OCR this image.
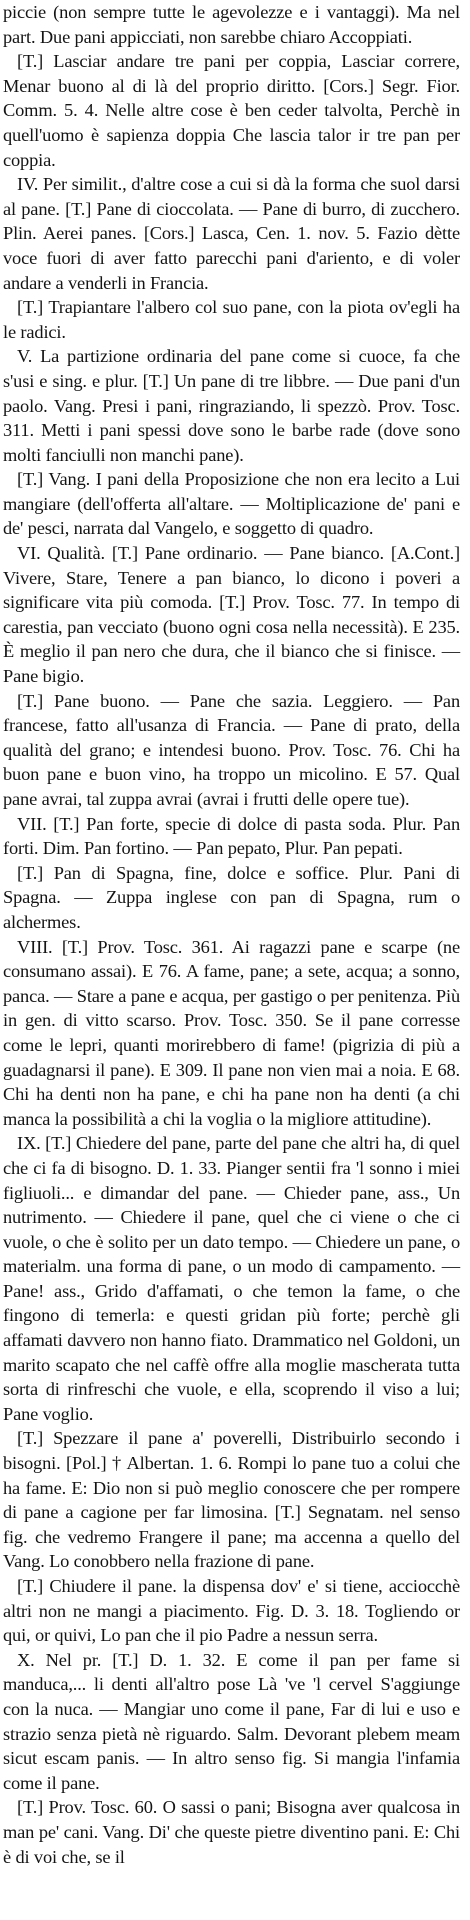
piccie (non sempre tutte le agevolezze e i vantaggi). Ma nel part. Due pani appicciati, non sarebbe chiaro Accoppiati.

[T.] Lasciar andare tre pani per coppia, Lasciar correre, Menar buono al di là del proprio diritto. [Cors.] Segr. Fior. Comm. 5. 4. Nelle altre cose è ben ceder talvolta, Perchè in quell'uomo è sapienza doppia Che lascia talor ir tre pan per coppia.

IV. Per similit., d'altre cose a cui si dà la forma che suol darsi al pane. [T.] Pane di cioccolata. — Pane di burro, di zucchero. Plin. Aerei panes. [Cors.] Lasca, Cen. 1. nov. 5. Fazio dètte voce fuori di aver fatto parecchi pani d'ariento, e di voler andare a venderli in Francia.

[T.] Trapiantare l'albero col suo pane, con la piota ov'egli ha le radici.

V. La partizione ordinaria del pane come si cuoce, fa che s'usi e sing. e plur. [T.] Un pane di tre libbre. — Due pani d'un paolo. Vang. Presi i pani, ringraziando, li spezzò. Prov. Tosc. 311. Metti i pani spessi dove sono le barbe rade (dove sono molti fanciulli non manchi pane).

[T.] Vang. I pani della Proposizione che non era lecito a Lui mangiare (dell'offerta all'altare. — Moltiplicazione de' pani e de' pesci, narrata dal Vangelo, e soggetto di quadro.

VI. Qualità. [T.] Pane ordinario. — Pane bianco. [A.Cont.] Vivere, Stare, Tenere a pan bianco, lo dicono i poveri a significare vita più comoda. [T.] Prov. Tosc. 77. In tempo di carestia, pan vecciato (buono ogni cosa nella necessità). E 235. È meglio il pan nero che dura, che il bianco che si finisce. — Pane bigio.

[T.] Pane buono. — Pane che sazia. Leggiero. — Pan francese, fatto all'usanza di Francia. — Pane di prato, della qualità del grano; e intendesi buono. Prov. Tosc. 76. Chi ha buon pane e buon vino, ha troppo un micolino. E 57. Qual pane avrai, tal zuppa avrai (avrai i frutti delle opere tue).

VII. [T.] Pan forte, specie di dolce di pasta soda. Plur. Pan forti. Dim. Pan fortino. — Pan pepato, Plur. Pan pepati.

[T.] Pan di Spagna, fine, dolce e soffice. Plur. Pani di Spagna. — Zuppa inglese con pan di Spagna, rum o alchermes.

VIII. [T.] Prov. Tosc. 361. Ai ragazzi pane e scarpe (ne consumano assai). E 76. A fame, pane; a sete, acqua; a sonno, panca. — Stare a pane e acqua, per gastigo o per penitenza. Più in gen. di vitto scarso. Prov. Tosc. 350. Se il pane corresse come le lepri, quanti morirebbero di fame! (pigrizia di più a guadagnarsi il pane). E 309. Il pane non vien mai a noia. E 68. Chi ha denti non ha pane, e chi ha pane non ha denti (a chi manca la possibilità a chi la voglia o la migliore attitudine).

IX. [T.] Chiedere del pane, parte del pane che altri ha, di quel che ci fa di bisogno. D. 1. 33. Pianger sentii fra 'l sonno i miei figliuoli... e dimandar del pane. — Chieder pane, ass., Un nutrimento. — Chiedere il pane, quel che ci viene o che ci vuole, o che è solito per un dato tempo. — Chiedere un pane, o materialm. una forma di pane, o un modo di campamento. — Pane! ass., Grido d'affamati, o che temon la fame, o che fingono di temerla: e questi gridan più forte; perchè gli affamati davvero non hanno fiato. Drammatico nel Goldoni, un marito scapato che nel caffè offre alla moglie mascherata tutta sorta di rinfreschi che vuole, e ella, scoprendo il viso a lui; Pane voglio.

[T.] Spezzare il pane a' poverelli, Distribuirlo secondo i bisogni. [Pol.] † Albertan. 1. 6. Rompi lo pane tuo a colui che ha fame. E: Dio non si può meglio conoscere che per rompere di pane a cagione per far limosina. [T.] Segnatam. nel senso fig. che vedremo Frangere il pane; ma accenna a quello del Vang. Lo conobbero nella frazione di pane.

[T.] Chiudere il pane. la dispensa dov' e' si tiene, acciocchè altri non ne mangi a piacimento. Fig. D. 3. 18. Togliendo or qui, or quivi, Lo pan che il pio Padre a nessun serra.

X. Nel pr. [T.] D. 1. 32. E come il pan per fame si manduca,... li denti all'altro pose Là 've 'l cervel S'aggiunge con la nuca. — Mangiar uno come il pane, Far di lui e uso e strazio senza pietà nè riguardo. Salm. Devorant plebem meam sicut escam panis. — In altro senso fig. Si mangia l'infamia come il pane.

[T.] Prov. Tosc. 60. O sassi o pani; Bisogna aver qualcosa in man pe' cani. Vang. Di' che queste pietre diventino pani. E: Chi è di voi che, se il
